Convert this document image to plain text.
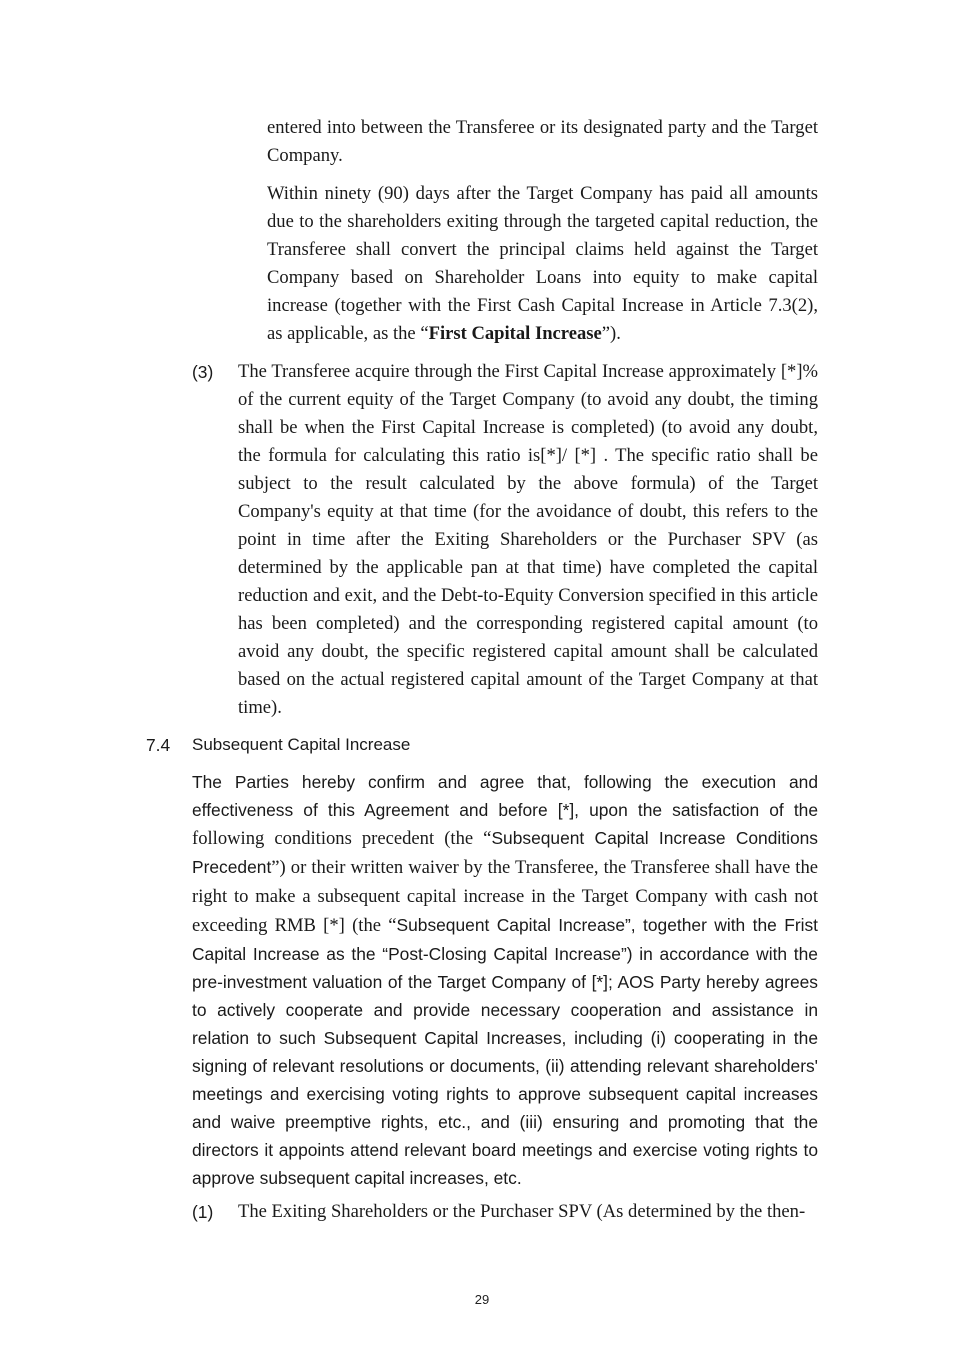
entered into between the Transferee or its designated party and the Target Company.

Within ninety (90) days after the Target Company has paid all amounts due to the shareholders exiting through the targeted capital reduction, the Transferee shall convert the principal claims held against the Target Company based on Shareholder Loans into equity to make capital increase (together with the First Cash Capital Increase in Article 7.3(2), as applicable, as the “First Capital Increase”).

(3) The Transferee acquire through the First Capital Increase approximately [*]% of the current equity of the Target Company (to avoid any doubt, the timing shall be when the First Capital Increase is completed) (to avoid any doubt, the formula for calculating this ratio is[*]/ [*] . The specific ratio shall be subject to the result calculated by the above formula) of the Target Company's equity at that time (for the avoidance of doubt, this refers to the point in time after the Exiting Shareholders or the Purchaser SPV (as determined by the applicable pan at that time) have completed the capital reduction and exit, and the Debt-to-Equity Conversion specified in this article has been completed) and the corresponding registered capital amount (to avoid any doubt, the specific registered capital amount shall be calculated based on the actual registered capital amount of the Target Company at that time).

7.4 Subsequent Capital Increase

The Parties hereby confirm and agree that, following the execution and effectiveness of this Agreement and before [*], upon the satisfaction of the following conditions precedent (the “Subsequent Capital Increase Conditions Precedent”) or their written waiver by the Transferee, the Transferee shall have the right to make a subsequent capital increase in the Target Company with cash not exceeding RMB [*] (the “Subsequent Capital Increase”, together with the Frist Capital Increase as the “Post-Closing Capital Increase”) in accordance with the pre-investment valuation of the Target Company of [*]; AOS Party hereby agrees to actively cooperate and provide necessary cooperation and assistance in relation to such Subsequent Capital Increases, including (i) cooperating in the signing of relevant resolutions or documents, (ii) attending relevant shareholders' meetings and exercising voting rights to approve subsequent capital increases and waive preemptive rights, etc., and (iii) ensuring and promoting that the directors it appoints attend relevant board meetings and exercise voting rights to approve subsequent capital increases, etc.

(1) The Exiting Shareholders or the Purchaser SPV (As determined by the then-

29
